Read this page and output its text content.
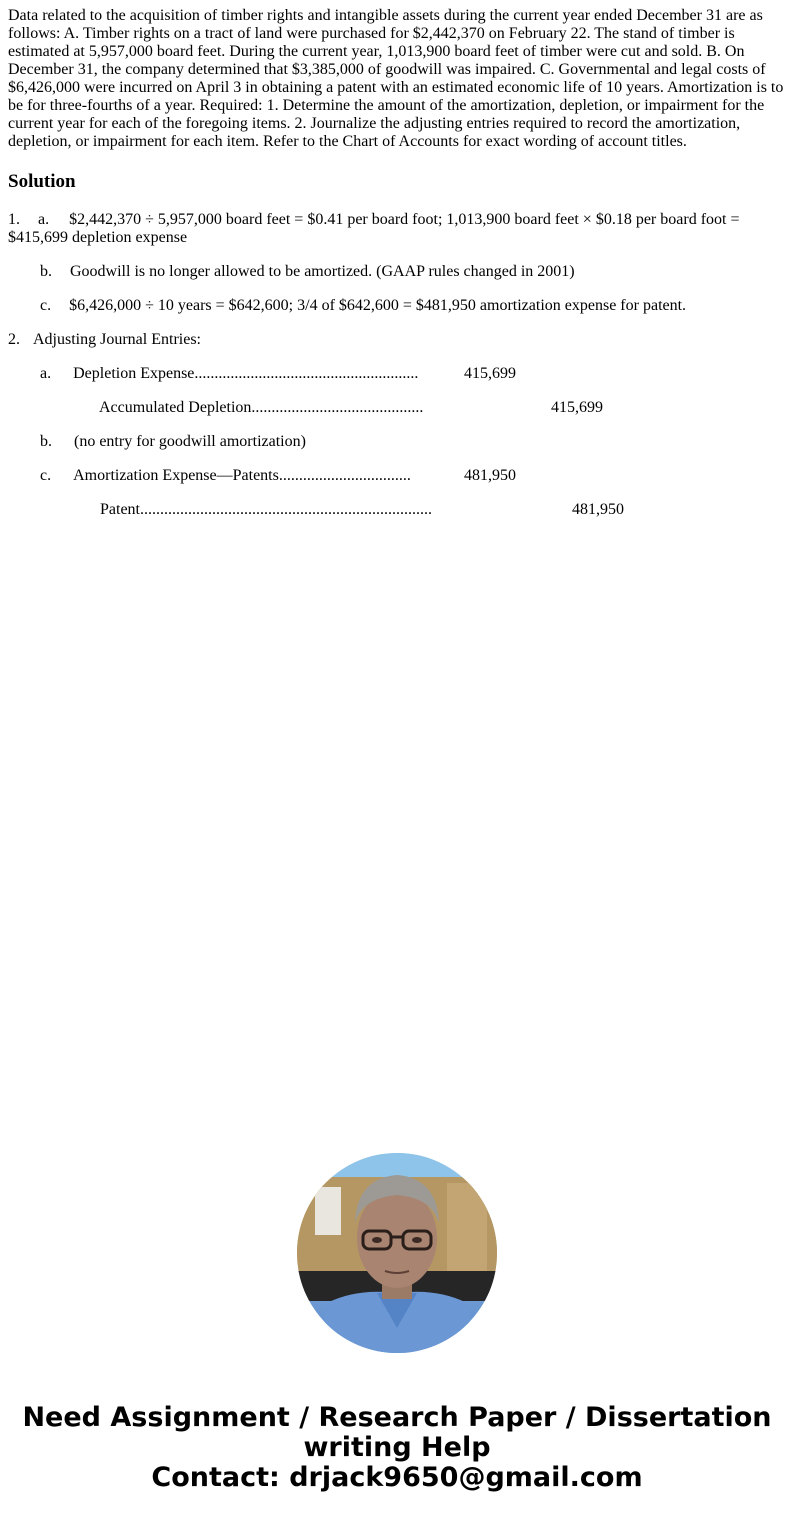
Data related to the acquisition of timber rights and intangible assets during the current year ended December 31 are as follows: A. Timber rights on a tract of land were purchased for $2,442,370 on February 22. The stand of timber is estimated at 5,957,000 board feet. During the current year, 1,013,900 board feet of timber were cut and sold. B. On December 31, the company determined that $3,385,000 of goodwill was impaired. C. Governmental and legal costs of $6,426,000 were incurred on April 3 in obtaining a patent with an estimated economic life of 10 years. Amortization is to be for three-fourths of a year. Required: 1. Determine the amount of the amortization, depletion, or impairment for the current year for each of the foregoing items. 2. Journalize the adjusting entries required to record the amortization, depletion, or impairment for each item. Refer to the Chart of Accounts for exact wording of account titles.

Solution
1. a. $2,442,370 ÷ 5,957,000 board feet = $0.41 per board foot; 1,013,900 board feet × $0.18 per board foot = $415,699 depletion expense
b. Goodwill is no longer allowed to be amortized. (GAAP rules changed in 2001)
c. $6,426,000 ÷ 10 years = $642,600; 3/4 of $642,600 = $481,950 amortization expense for patent.
2. Adjusting Journal Entries:
a. Depletion Expense........................................................	415,699
Accumulated Depletion...........................................	415,699
b. (no entry for goodwill amortization)
c. Amortization Expense—Patents.................................	481,950
Patent.........................................................................	481,950
Need Assignment / Research Paper / Dissertation
writing Help
Contact: drjack9650@gmail.com
